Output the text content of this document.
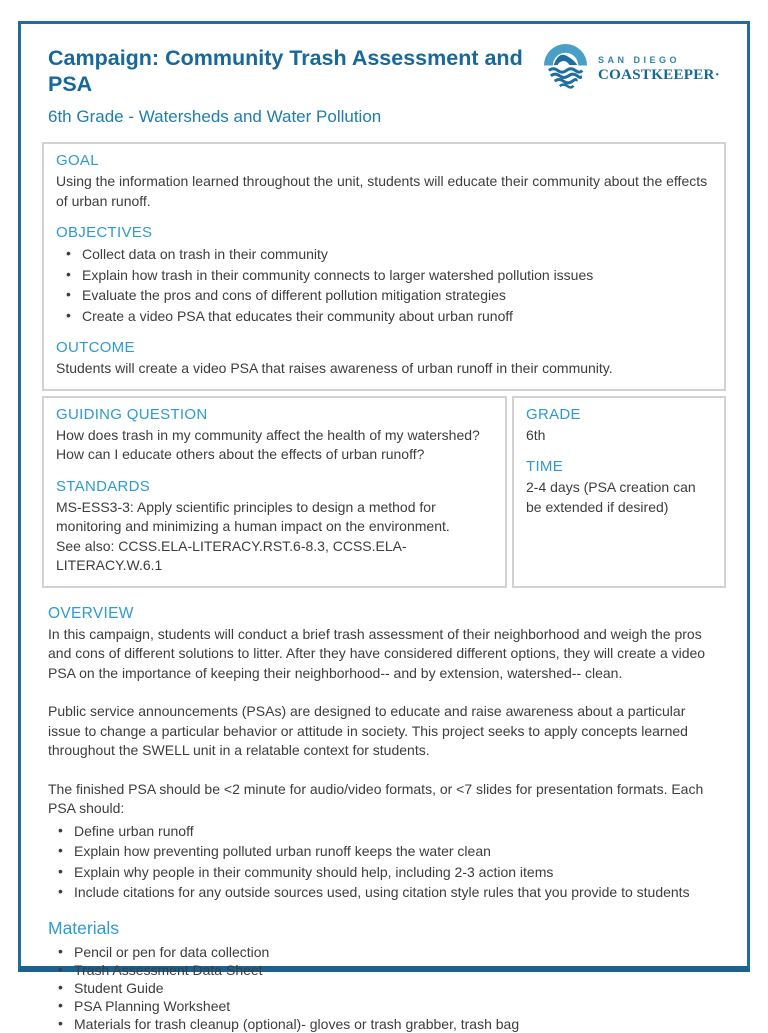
Campaign: Community Trash Assessment and PSA
6th Grade - Watersheds and Water Pollution
SAN DIEGO
COASTKEEPER·
GOAL

Using the information learned throughout the unit, students will educate their community about the effects of urban runoff.

OBJECTIVES
• Collect data on trash in their community
• Explain how trash in their community connects to larger watershed pollution issues
• Evaluate the pros and cons of different pollution mitigation strategies
• Create a video PSA that educates their community about urban runoff
OUTCOME

Students will create a video PSA that raises awareness of urban runoff in their community.

GUIDING QUESTION
How does trash in my community affect the health of my watershed?
How can I educate others about the effects of urban runoff?
STANDARDS

MS-ESS3-3: Apply scientific principles to design a method for monitoring and minimizing a human impact on the environment.

See also: CCSS.ELA-LITERACY.RST.6-8.3, CCSS.ELA-LITERACY.W.6.1

GRADE

6th

TIME

2-4 days (PSA creation can be extended if desired)

OVERVIEW

In this campaign, students will conduct a brief trash assessment of their neighborhood and weigh the pros and cons of different solutions to litter. After they have considered different options, they will create a video PSA on the importance of keeping their neighborhood-- and by extension, watershed-- clean.

Public service announcements (PSAs) are designed to educate and raise awareness about a particular issue to change a particular behavior or attitude in society. This project seeks to apply concepts learned throughout the SWELL unit in a relatable context for students.

The finished PSA should be <2 minute for audio/video formats, or <7 slides for presentation formats. Each PSA should:

• Define urban runoff
• Explain how preventing polluted urban runoff keeps the water clean
• Explain why people in their community should help, including 2-3 action items
• Include citations for any outside sources used, using citation style rules that you provide to students
Materials
• Pencil or pen for data collection
• Trash Assessment Data Sheet
• Student Guide
• PSA Planning Worksheet
• Materials for trash cleanup (optional)- gloves or trash grabber, trash bag
